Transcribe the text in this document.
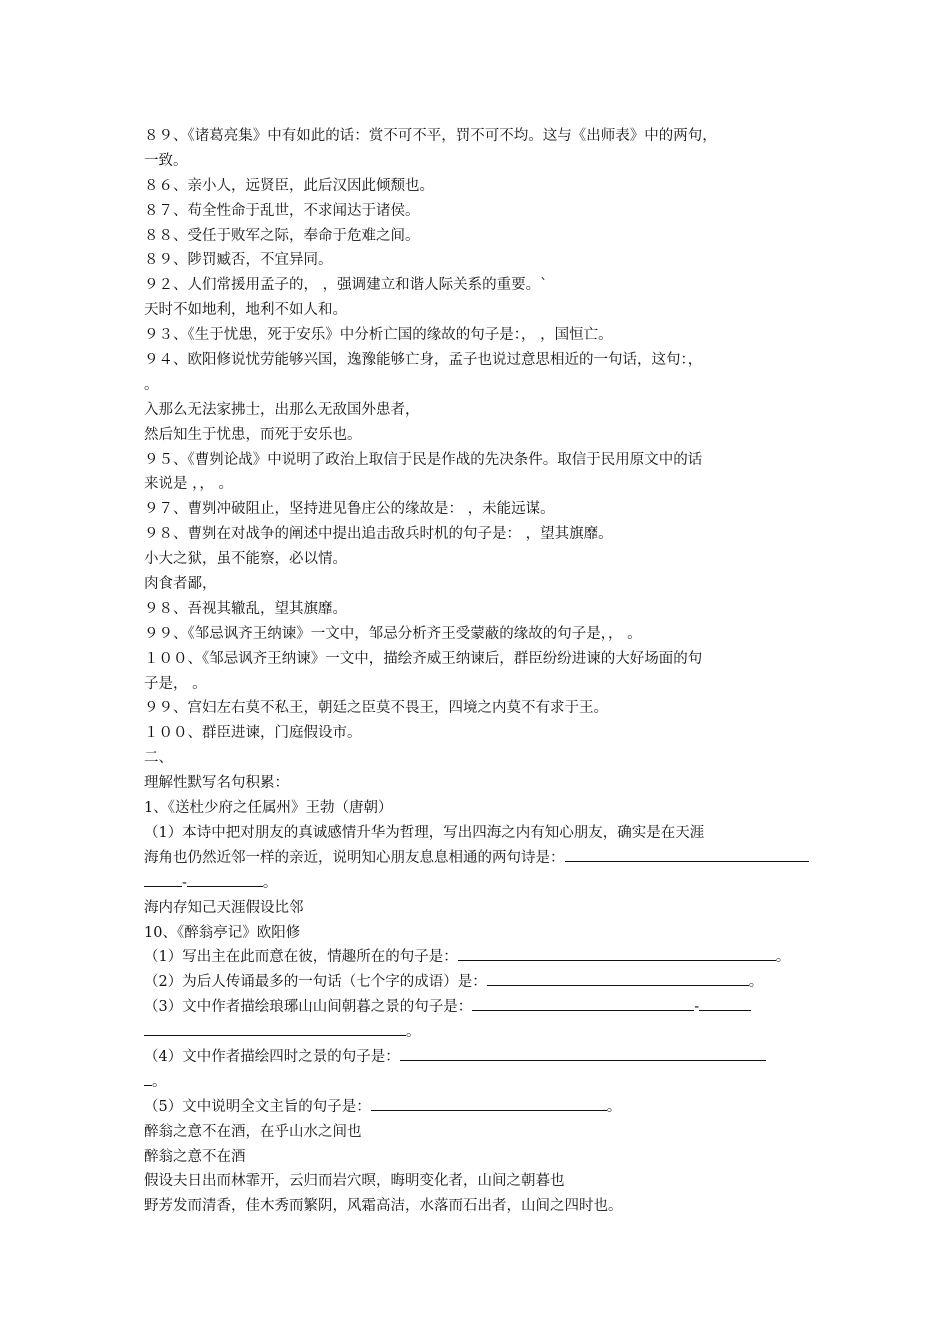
８９、《诸葛亮集》中有如此的话：赏不可不平，罚不可不均。这与《出师表》中的两句，
一致。
８６、亲小人，远贤臣，此后汉因此倾颓也。
８７、苟全性命于乱世，不求闻达于诸侯。
８８、受任于败军之际，奉命于危难之间。
８９、陟罚臧否，不宜异同。
９２、人们常援用孟子的， ，强调建立和谐人际关系的重要。`
天时不如地利，地利不如人和。
９３、《生于忧患，死于安乐》中分析亡国的缘故的句子是：， ，国恒亡。
９４、欧阳修说忧劳能够兴国，逸豫能够亡身，孟子也说过意思相近的一句话，这句：，
。
入那么无法家拂士，出那么无敌国外患者，
然后知生于忧患，而死于安乐也。
９５、《曹刿论战》中说明了政治上取信于民是作战的先决条件。取信于民用原文中的话
来说是 ，， 。
９７、曹刿冲破阻止，坚持进见鲁庄公的缘故是： ，未能远谋。
９８、曹刿在对战争的阐述中提出追击敌兵时机的句子是： ，望其旗靡。
小大之狱，虽不能察，必以情。
肉食者鄙，
９８、吾视其辙乱，望其旗靡。
９９、《邹忌讽齐王纳谏》一文中，邹忌分析齐王受蒙蔽的缘故的句子是，， 。
１００、《邹忌讽齐王纳谏》一文中，描绘齐威王纳谏后，群臣纷纷进谏的大好场面的句
子是， 。
９９、宫妇左右莫不私王，朝廷之臣莫不畏王，四境之内莫不有求于王。
１００、群臣进谏，门庭假设市。
二、
理解性默写名句积累：
1、《送杜少府之任属州》王勃（唐朝）
（1）本诗中把对朋友的真诚感情升华为哲理，写出四海之内有知心朋友，确实是在天涯
海角也仍然近邻一样的亲近，说明知心朋友息息相通的两句诗是：
-	。
海内存知己天涯假设比邻
10、《醉翁亭记》欧阳修
（1）写出主在此而意在彼，情趣所在的句子是：	。
（2）为后人传诵最多的一句话（七个字的成语）是：	。
（3）文中作者描绘琅琊山山间朝暮之景的句子是：	-
。
（4）文中作者描绘四时之景的句子是：
。
（5）文中说明全文主旨的句子是：	。
醉翁之意不在酒，在乎山水之间也
醉翁之意不在酒
假设夫日出而林霏开，云归而岩穴暝，晦明变化者，山间之朝暮也
野芳发而清香，佳木秀而繁阴，风霜高洁，水落而石出者，山间之四时也。
